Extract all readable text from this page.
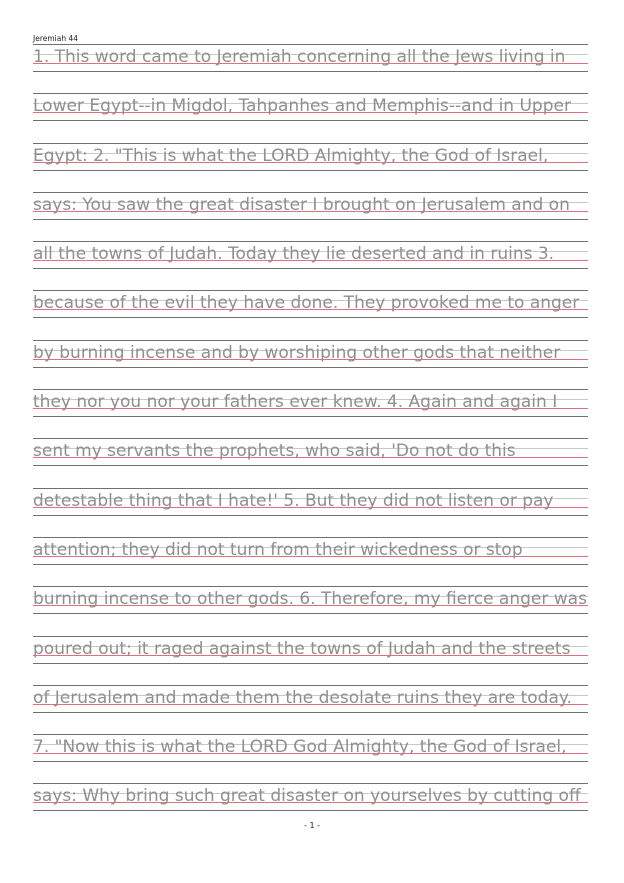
Jeremiah 44
1. This word came to Jeremiah concerning all the Jews living in
Lower Egypt--in Migdol, Tahpanhes and Memphis--and in Upper
Egypt: 2. "This is what the LORD Almighty, the God of Israel,
says: You saw the great disaster I brought on Jerusalem and on
all the towns of Judah. Today they lie deserted and in ruins 3.
because of the evil they have done. They provoked me to anger
by burning incense and by worshiping other gods that neither
they nor you nor your fathers ever knew. 4. Again and again I
sent my servants the prophets, who said, 'Do not do this
detestable thing that I hate!' 5. But they did not listen or pay
attention; they did not turn from their wickedness or stop
burning incense to other gods. 6. Therefore, my fierce anger was
poured out; it raged against the towns of Judah and the streets
of Jerusalem and made them the desolate ruins they are today.
7. "Now this is what the LORD God Almighty, the God of Israel,
says: Why bring such great disaster on yourselves by cutting off
- 1 -
